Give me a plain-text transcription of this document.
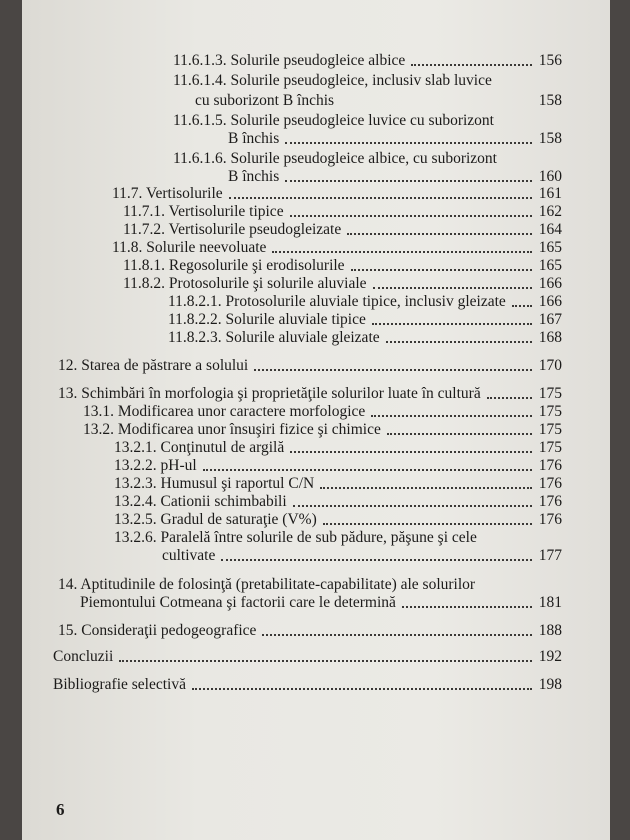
11.6.1.3. Solurile pseudogleice albice	156
11.6.1.4. Solurile pseudogleice, inclusiv slab luvice
cu suborizont B închis	158
11.6.1.5. Solurile pseudogleice luvice cu suborizont
B închis	158
11.6.1.6. Solurile pseudogleice albice, cu suborizont
B închis	160
11.7. Vertisolurile	161
11.7.1. Vertisolurile tipice	162
11.7.2. Vertisolurile pseudogleizate	164
11.8. Solurile neevoluate	165
11.8.1. Regosolurile şi erodisolurile	165
11.8.2. Protosolurile şi solurile aluviale	166
11.8.2.1. Protosolurile aluviale tipice, inclusiv gleizate 166
11.8.2.2. Solurile aluviale tipice	167
11.8.2.3. Solurile aluviale gleizate	168
12. Starea de păstrare a solului	170
13. Schimbări în morfologia şi proprietăţile solurilor luate în cultură	175
13.1. Modificarea unor caractere morfologice	175
13.2. Modificarea unor însuşiri fizice şi chimice	175
13.2.1. Conţinutul de argilă	175
13.2.2. pH-ul	176
13.2.3. Humusul şi raportul C/N	176
13.2.4. Cationii schimbabili	176
13.2.5. Gradul de saturaţie (V%)	176
13.2.6. Paralelă între solurile de sub pădure, păşune şi cele
cultivate	177
14. Aptitudinile de folosinţă (pretabilitate-capabilitate) ale solurilor
Piemontului Cotmeana şi factorii care le determină	181
15. Consideraţii pedogeografice	188
Concluzii	192
Bibliografie selectivă	198
6
